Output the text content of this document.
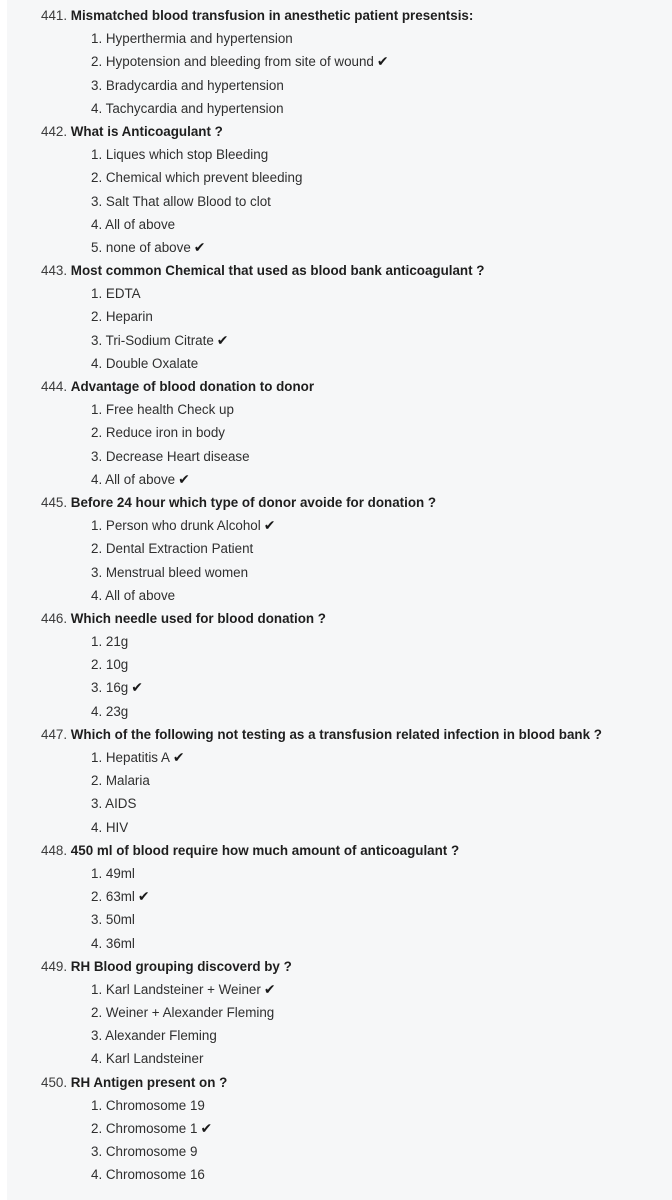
441. Mismatched blood transfusion in anesthetic patient presentsis:
1. Hyperthermia and hypertension
2. Hypotension and bleeding from site of wound ✔
3. Bradycardia and hypertension
4. Tachycardia and hypertension
442. What is Anticoagulant ?
1. Liques which stop Bleeding
2. Chemical which prevent bleeding
3. Salt That allow Blood to clot
4. All of above
5. none of above ✔
443. Most common Chemical that used as blood bank anticoagulant ?
1. EDTA
2. Heparin
3. Tri-Sodium Citrate ✔
4. Double Oxalate
444. Advantage of blood donation to donor
1. Free health Check up
2. Reduce iron in body
3. Decrease Heart disease
4. All of above ✔
445. Before 24 hour which type of donor avoide for donation ?
1. Person who drunk Alcohol ✔
2. Dental Extraction Patient
3. Menstrual bleed women
4. All of above
446. Which needle used for blood donation ?
1. 21g
2. 10g
3. 16g ✔
4. 23g
447. Which of the following not testing as a transfusion related infection in blood bank ?
1. Hepatitis A ✔
2. Malaria
3. AIDS
4. HIV
448. 450 ml of blood require how much amount of anticoagulant ?
1. 49ml
2. 63ml ✔
3. 50ml
4. 36ml
449. RH Blood grouping discoverd by ?
1. Karl Landsteiner + Weiner ✔
2. Weiner + Alexander Fleming
3. Alexander Fleming
4. Karl Landsteiner
450. RH Antigen present on ?
1. Chromosome 19
2. Chromosome 1 ✔
3. Chromosome 9
4. Chromosome 16
